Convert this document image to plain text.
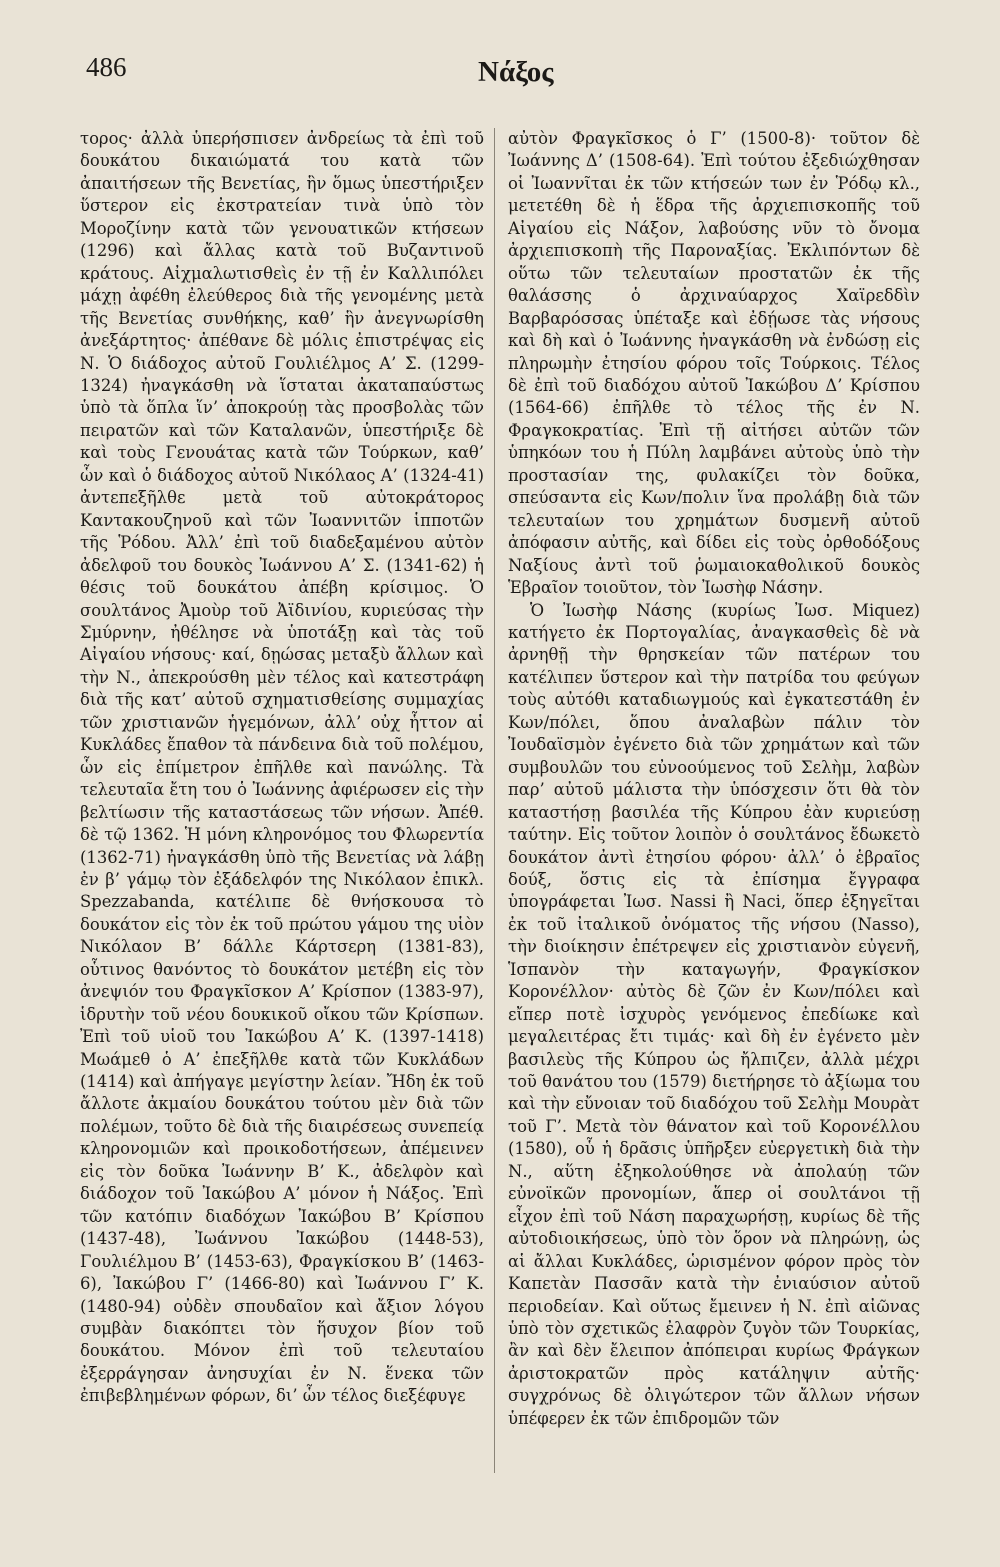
486	Νάξος

τορος· ἀλλὰ ὑπερήσπισεν ἀνδρείως τὰ ἐπὶ τοῦ δουκάτου δικαιώματά του κατὰ τῶν ἀπαιτήσεων τῆς Βενετίας, ἣν ὅμως ὑπεστήριξεν ὕστερον εἰς ἐκστρατείαν τινὰ ὑπὸ τὸν Μοροζίνην κατὰ τῶν γενουατικῶν κτήσεων (1296) καὶ ἄλλας κατὰ τοῦ Βυζαντινοῦ κράτους. Αἰχμαλωτισθεὶς ἐν τῇ ἐν Καλλιπόλει μάχῃ ἀφέθη ἐλεύθερος διὰ τῆς γενομένης μετὰ τῆς Βενετίας συνθήκης, καθ’ ἣν ἀνεγνωρίσθη ἀνεξάρτητος· ἀπέθανε δὲ μόλις ἐπιστρέψας εἰς Ν. Ὁ διάδοχος αὐτοῦ Γουλιέλμος Α’ Σ. (1299-1324) ἠναγκάσθη νὰ ἵσταται ἀκαταπαύστως ὑπὸ τὰ ὅπλα ἵν’ ἀποκρούῃ τὰς προσβολὰς τῶν πειρατῶν καὶ τῶν Καταλανῶν, ὑπεστήριξε δὲ καὶ τοὺς Γενουάτας κατὰ τῶν Τούρκων, καθ’ ὧν καὶ ὁ διάδοχος αὐτοῦ Νικόλαος Α’ (1324-41) ἀντεπεξῆλθε μετὰ τοῦ αὐτοκράτορος Καντακουζηνοῦ καὶ τῶν Ἰωαννιτῶν ἱπποτῶν τῆς Ῥόδου. Ἀλλ’ ἐπὶ τοῦ διαδεξαμένου αὐτὸν ἀδελφοῦ του δουκὸς Ἰωάννου Α’ Σ. (1341-62) ἡ θέσις τοῦ δουκάτου ἀπέβη κρίσιμος. Ὁ σουλτάνος Ἀμοὺρ τοῦ Ἀϊδινίου, κυριεύσας τὴν Σμύρνην, ἠθέλησε νὰ ὑποτάξῃ καὶ τὰς τοῦ Αἰγαίου νήσους· καί, δῃώσας μεταξὺ ἄλλων καὶ τὴν Ν., ἀπεκρούσθη μὲν τέλος καὶ κατεστράφη διὰ τῆς κατ’ αὐτοῦ σχηματισθείσης συμμαχίας τῶν χριστιανῶν ἡγεμόνων, ἀλλ’ οὐχ ἧττον αἱ Κυκλάδες ἔπαθον τὰ πάνδεινα διὰ τοῦ πολέμου, ὧν εἰς ἐπίμετρον ἐπῆλθε καὶ πανώλης. Τὰ τελευταῖα ἔτη του ὁ Ἰωάννης ἀφιέρωσεν εἰς τὴν βελτίωσιν τῆς καταστάσεως τῶν νήσων. Ἀπέθ. δὲ τῷ 1362. Ἡ μόνη κληρονόμος του Φλωρεντία (1362-71) ἠναγκάσθη ὑπὸ τῆς Βενετίας νὰ λάβῃ ἐν β’ γάμῳ τὸν ἐξάδελφόν της Νικόλαον ἐπικλ. Spezzabanda, κατέλιπε δὲ θνήσκουσα τὸ δουκάτον εἰς τὸν ἐκ τοῦ πρώτου γάμου της υἱὸν Νικόλαον Β’ δάλλε Κάρτσερη (1381-83), οὗτινος θανόντος τὸ δουκάτον μετέβη εἰς τὸν ἀνεψιόν του Φραγκῖσκον Α’ Κρίσπον (1383-97), ἱδρυτὴν τοῦ νέου δουκικοῦ οἴκου τῶν Κρίσπων. Ἐπὶ τοῦ υἱοῦ του Ἰακώβου Α’ Κ. (1397-1418) Μωάμεθ ὁ Α’ ἐπεξῆλθε κατὰ τῶν Κυκλάδων (1414) καὶ ἀπήγαγε μεγίστην λείαν. Ἤδη ἐκ τοῦ ἄλλοτε ἀκμαίου δουκάτου τούτου μὲν διὰ τῶν πολέμων, τοῦτο δὲ διὰ τῆς διαιρέσεως συνεπείᾳ κληρονομιῶν καὶ προικοδοτήσεων, ἀπέμεινεν εἰς τὸν δοῦκα Ἰωάννην Β’ Κ., ἀδελφὸν καὶ διάδοχον τοῦ Ἰακώβου Α’ μόνον ἡ Νάξος. Ἐπὶ τῶν κατόπιν διαδόχων Ἰακώβου Β’ Κρίσπου (1437-48), Ἰωάννου Ἰακώβου (1448-53), Γουλιέλμου Β’ (1453-63), Φραγκίσκου Β’ (1463-6), Ἰακώβου Γ’ (1466-80) καὶ Ἰωάννου Γ’ Κ. (1480-94) οὐδὲν σπουδαῖον καὶ ἄξιον λόγου συμβὰν διακόπτει τὸν ἥσυχον βίον τοῦ δουκάτου. Μόνον ἐπὶ τοῦ τελευταίου ἐξερράγησαν ἀνησυχίαι ἐν Ν. ἕνεκα τῶν ἐπιβεβλημένων φόρων, δι’ ὧν τέλος διεξέφυγε

αὐτὸν Φραγκῖσκος ὁ Γ’ (1500-8)· τοῦτον δὲ Ἰωάννης Δ’ (1508-64). Ἐπὶ τούτου ἐξεδιώχθησαν οἱ Ἰωαννῖται ἐκ τῶν κτήσεών των ἐν Ῥόδῳ κλ., μετετέθη δὲ ἡ ἕδρα τῆς ἀρχιεπισκοπῆς τοῦ Αἰγαίου εἰς Νάξον, λαβούσης νῦν τὸ ὄνομα ἀρχιεπισκοπὴ τῆς Παροναξίας. Ἐκλιπόντων δὲ οὕτω τῶν τελευταίων προστατῶν ἐκ τῆς θαλάσσης ὁ ἀρχιναύαρχος Χαϊρεδδὶν Βαρβαρόσσας ὑπέταξε καὶ ἐδῄωσε τὰς νήσους καὶ δὴ καὶ ὁ Ἰωάννης ἠναγκάσθη νὰ ἐνδώσῃ εἰς πληρωμὴν ἐτησίου φόρου τοῖς Τούρκοις. Τέλος δὲ ἐπὶ τοῦ διαδόχου αὐτοῦ Ἰακώβου Δ’ Κρίσπου (1564-66) ἐπῆλθε τὸ τέλος τῆς ἐν Ν. Φραγκοκρατίας. Ἐπὶ τῇ αἰτήσει αὐτῶν τῶν ὑπηκόων του ἡ Πύλη λαμβάνει αὐτοὺς ὑπὸ τὴν προστασίαν της, φυλακίζει τὸν δοῦκα, σπεύσαντα εἰς Κων/πολιν ἵνα προλάβῃ διὰ τῶν τελευταίων του χρημάτων δυσμενῆ αὐτοῦ ἀπόφασιν αὐτῆς, καὶ δίδει εἰς τοὺς ὀρθοδόξους Ναξίους ἀντὶ τοῦ ῥωμαιοκαθολικοῦ δουκὸς Ἑβραῖον τοιοῦτον, τὸν Ἰωσὴφ Νάσην.

Ὁ Ἰωσὴφ Νάσης (κυρίως Ἰωσ. Miquez) κατήγετο ἐκ Πορτογαλίας, ἀναγκασθεὶς δὲ νὰ ἀρνηθῇ τὴν θρησκείαν τῶν πατέρων του κατέλιπεν ὕστερον καὶ τὴν πατρίδα του φεύγων τοὺς αὐτόθι καταδιωγμούς καὶ ἐγκατεστάθη ἐν Κων/πόλει, ὅπου ἀναλαβὼν πάλιν τὸν Ἰουδαϊσμὸν ἐγένετο διὰ τῶν χρημάτων καὶ τῶν συμβουλῶν του εὐνοούμενος τοῦ Σελὴμ, λαβὼν παρ’ αὐτοῦ μάλιστα τὴν ὑπόσχεσιν ὅτι θὰ τὸν καταστήσῃ βασιλέα τῆς Κύπρου ἐὰν κυριεύσῃ ταύτην. Εἰς τοῦτον λοιπὸν ὁ σουλτάνος ἔδωκετὸ δουκάτον ἀντὶ ἐτησίου φόρου· ἀλλ’ ὁ ἑβραῖος δούξ, ὅστις εἰς τὰ ἐπίσημα ἔγγραφα ὑπογράφεται Ἰωσ. Nassi ἢ Naci, ὅπερ ἐξηγεῖται ἐκ τοῦ ἰταλικοῦ ὀνόματος τῆς νήσου (Nasso), τὴν διοίκησιν ἐπέτρεψεν εἰς χριστιανὸν εὐγενῆ, Ἱσπανὸν τὴν καταγωγήν, Φραγκίσκον Κορονέλλον· αὐτὸς δὲ ζῶν ἐν Κων/πόλει καὶ εἴπερ ποτὲ ἰσχυρὸς γενόμενος ἐπεδίωκε καὶ μεγαλειτέρας ἔτι τιμάς· καὶ δὴ ἐν ἐγένετο μὲν βασιλεὺς τῆς Κύπρου ὡς ἤλπιζεν, ἀλλὰ μέχρι τοῦ θανάτου του (1579) διετήρησε τὸ ἀξίωμα του καὶ τὴν εὔνοιαν τοῦ διαδόχου τοῦ Σελὴμ Μουρὰτ τοῦ Γ’. Μετὰ τὸν θάνατον καὶ τοῦ Κορονέλλου (1580), οὗ ἡ δρᾶσις ὑπῆρξεν εὐεργετικὴ διὰ τὴν Ν., αὕτη ἐξηκολούθησε νὰ ἀπολαύῃ τῶν εὐνοϊκῶν προνομίων, ἅπερ οἱ σουλτάνοι τῇ εἶχον ἐπὶ τοῦ Νάση παραχωρήσῃ, κυρίως δὲ τῆς αὐτοδιοικήσεως, ὑπὸ τὸν ὅρον νὰ πληρώνῃ, ὡς αἱ ἄλλαι Κυκλάδες, ὡρισμένον φόρον πρὸς τὸν Καπετὰν Πασσᾶν κατὰ τὴν ἐνιαύσιον αὐτοῦ περιοδείαν. Καὶ οὕτως ἔμεινεν ἡ Ν. ἐπὶ αἰῶνας ὑπὸ τὸν σχετικῶς ἐλαφρὸν ζυγὸν τῶν Τουρκίας, ἂν καὶ δὲν ἔλειπον ἀπόπειραι κυρίως Φράγκων ἀριστοκρατῶν πρὸς κατάληψιν αὐτῆς· συγχρόνως δὲ ὀλιγώτερον τῶν ἄλλων νήσων ὑπέφερεν ἐκ τῶν ἐπιδρομῶν τῶν
